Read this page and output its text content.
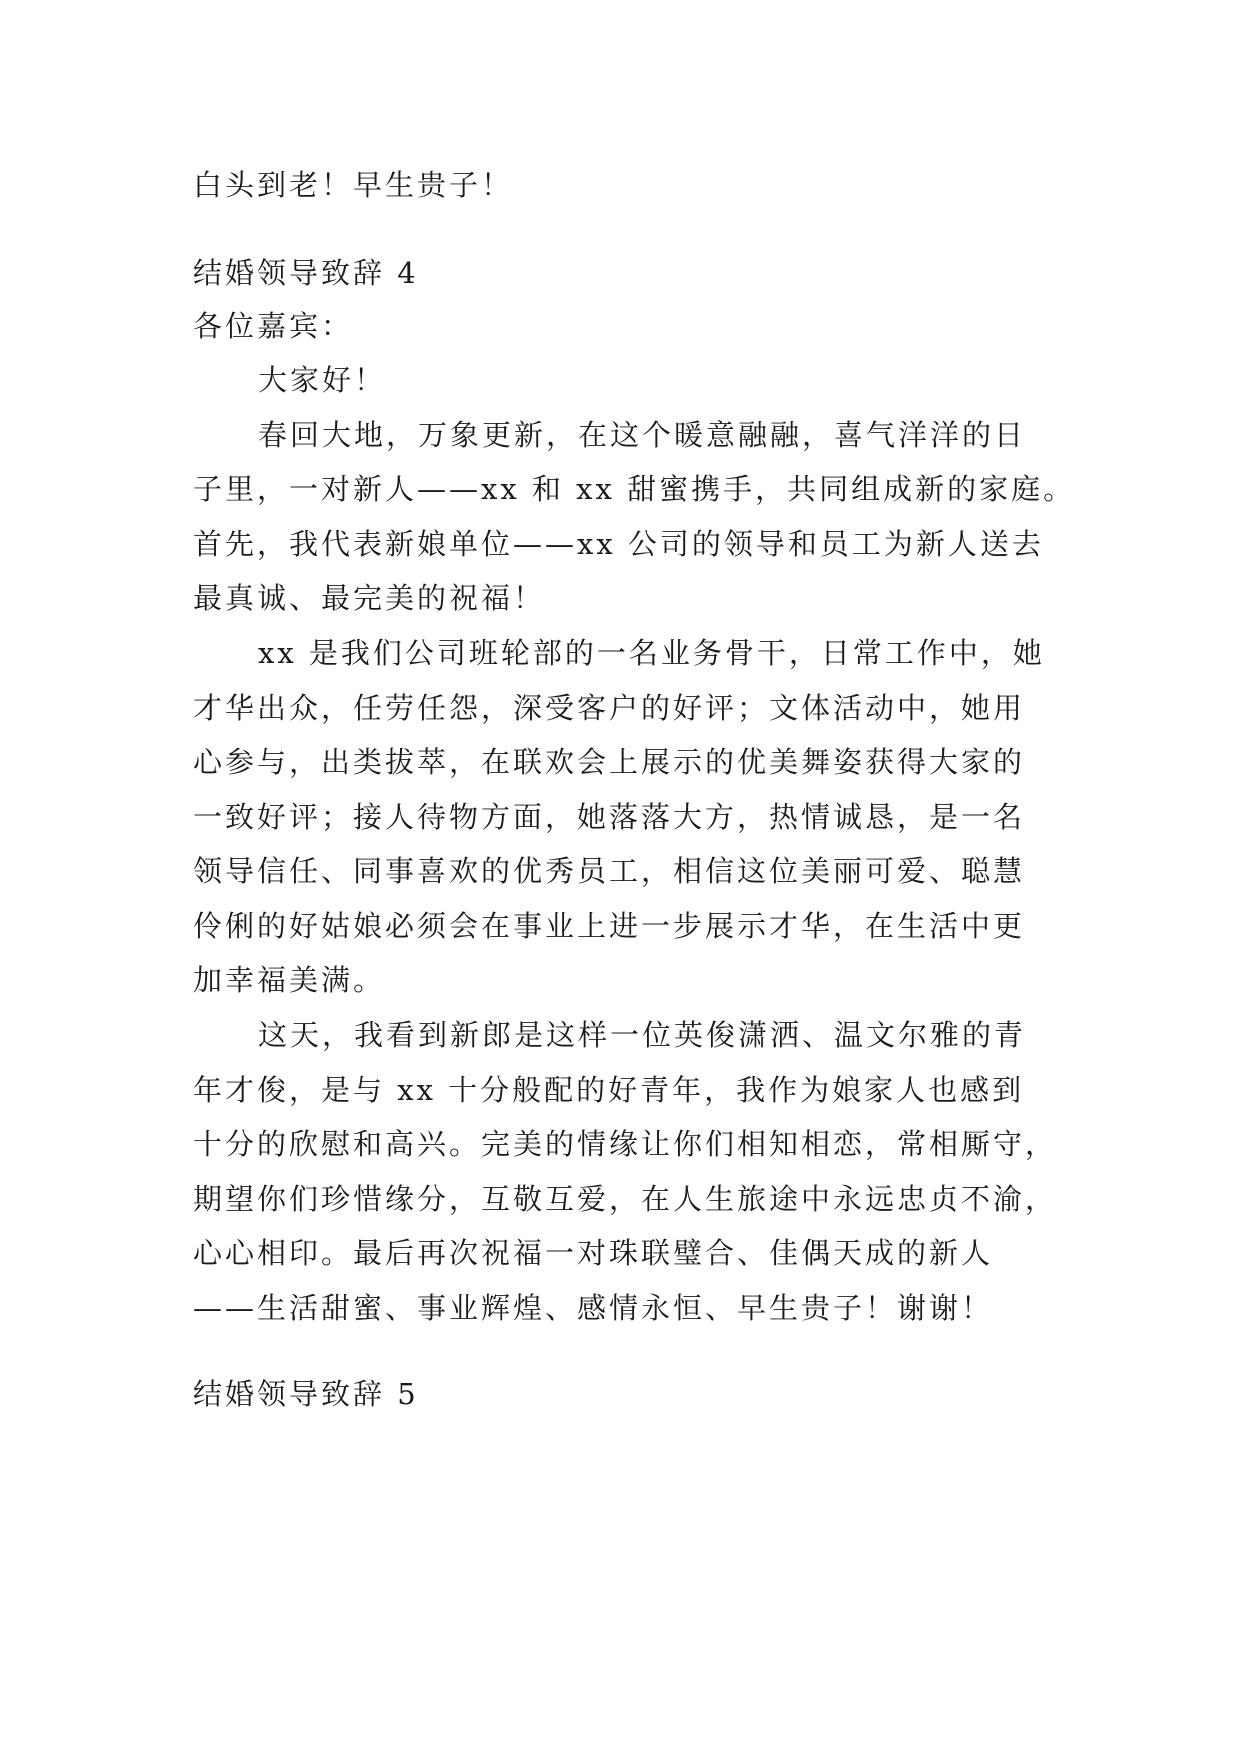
白头到老！早生贵子！
结婚领导致辞 4
各位嘉宾：
大家好！
春回大地，万象更新，在这个暖意融融，喜气洋洋的日
子里，一对新人——xx 和 xx 甜蜜携手，共同组成新的家庭。
首先，我代表新娘单位——xx 公司的领导和员工为新人送去
最真诚、最完美的祝福！
xx 是我们公司班轮部的一名业务骨干，日常工作中，她
才华出众，任劳任怨，深受客户的好评；文体活动中，她用
心参与，出类拔萃，在联欢会上展示的优美舞姿获得大家的
一致好评；接人待物方面，她落落大方，热情诚恳，是一名
领导信任、同事喜欢的优秀员工，相信这位美丽可爱、聪慧
伶俐的好姑娘必须会在事业上进一步展示才华，在生活中更
加幸福美满。
这天，我看到新郎是这样一位英俊潇洒、温文尔雅的青
年才俊，是与 xx 十分般配的好青年，我作为娘家人也感到
十分的欣慰和高兴。完美的情缘让你们相知相恋，常相厮守，
期望你们珍惜缘分，互敬互爱，在人生旅途中永远忠贞不渝，
心心相印。最后再次祝福一对珠联璧合、佳偶天成的新人
——生活甜蜜、事业辉煌、感情永恒、早生贵子！谢谢！
结婚领导致辞 5
